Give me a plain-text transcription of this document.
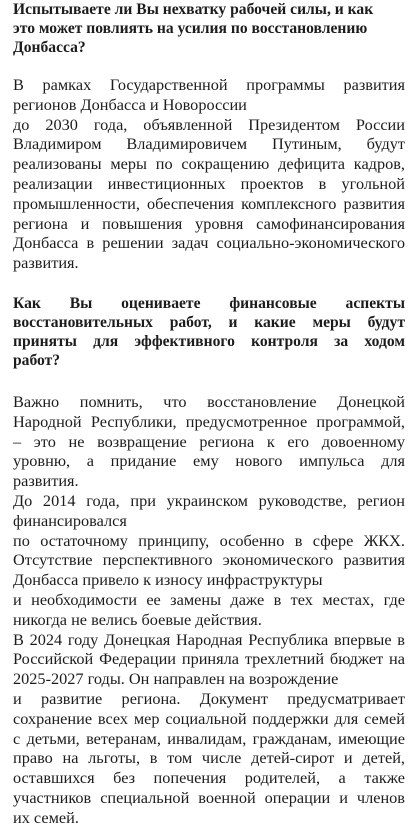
Испытываете ли Вы нехватку рабочей силы, и как
это может повлиять на усилия по восстановлению
Донбасса?
В рамках Государственной программы развития
регионов Донбасса и Новороссии
до 2030 года, объявленной Президентом России
Владимиром Владимировичем Путиным, будут
реализованы меры по сокращению дефицита кадров,
реализации инвестиционных проектов в угольной
промышленности, обеспечения комплексного развития
региона и повышения уровня самофинансирования
Донбасса в решении задач социально-экономического
развития.
Как Вы оцениваете финансовые аспекты
восстановительных работ, и какие меры будут
приняты для эффективного контроля за ходом
работ?
Важно помнить, что восстановление Донецкой
Народной Республики, предусмотренное программой,
– это не возвращение региона к его довоенному
уровню, а придание ему нового импульса для
развития.
До 2014 года, при украинском руководстве, регион
финансировался
по остаточному принципу, особенно в сфере ЖКХ.
Отсутствие перспективного экономического развития
Донбасса привело к износу инфраструктуры
и необходимости ее замены даже в тех местах, где
никогда не велись боевые действия.
В 2024 году Донецкая Народная Республика впервые в
Российской Федерации приняла трехлетний бюджет на
2025-2027 годы. Он направлен на возрождение
и развитие региона. Документ предусматривает
сохранение всех мер социальной поддержки для семей
с детьми, ветеранам, инвалидам, гражданам, имеющие
право на льготы, в том числе детей-сирот и детей,
оставшихся без попечения родителей, а также
участников специальной военной операции и членов
их семей.
